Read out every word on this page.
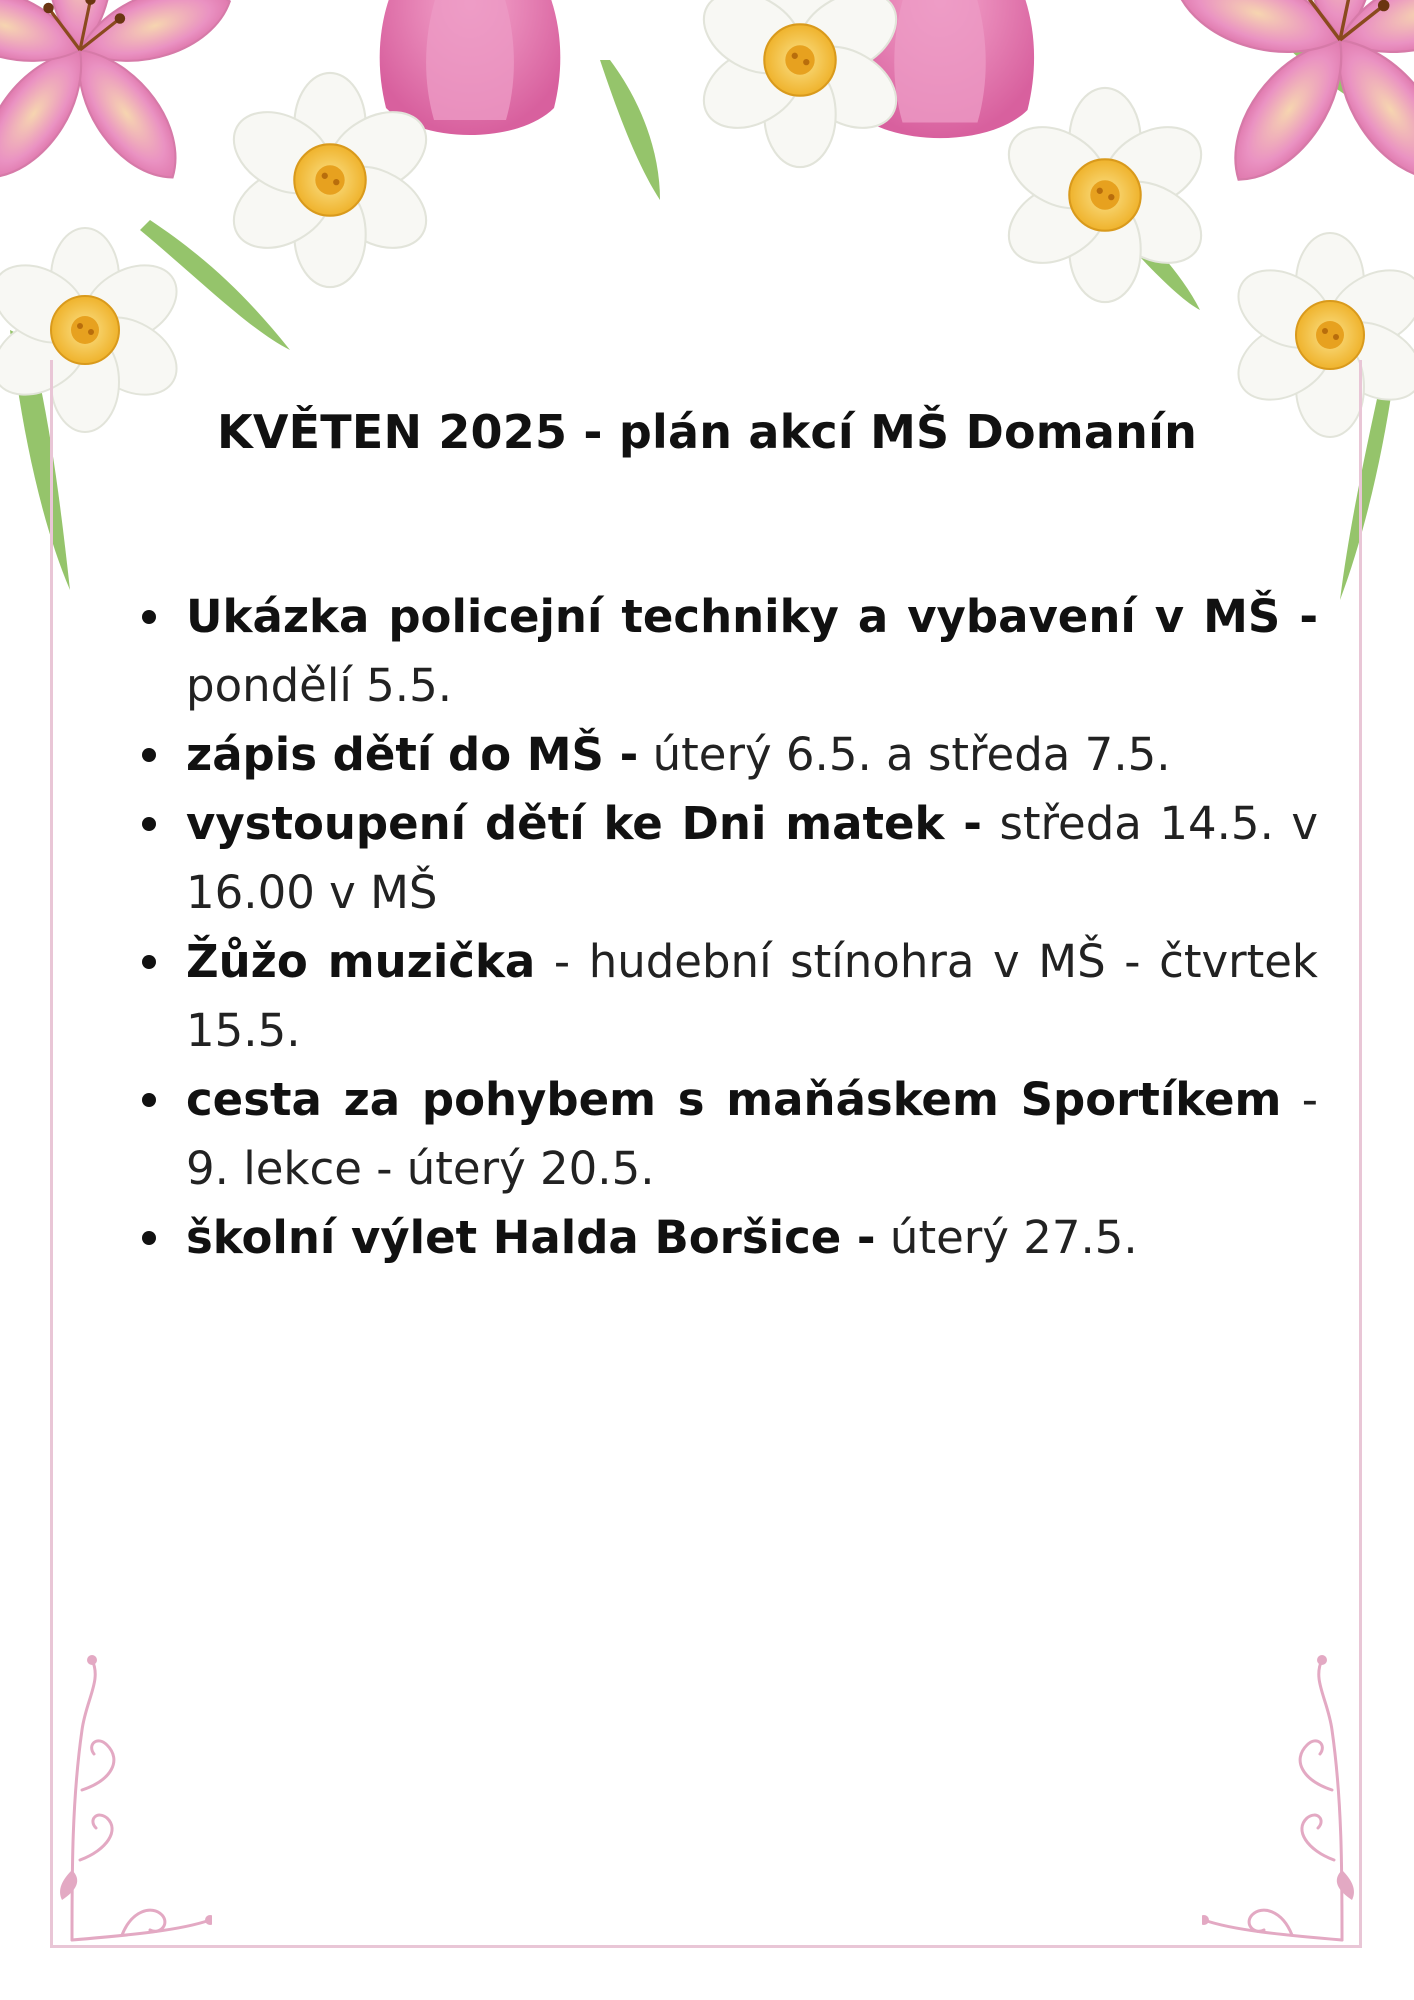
KVĚTEN 2025 - plán akcí MŠ Domanín
Ukázka policejní techniky a vybavení v MŠ - pondělí 5.5.
zápis dětí do MŠ - úterý 6.5. a středa 7.5.
vystoupení dětí ke Dni matek - středa 14.5. v 16.00 v MŠ
Žůžo muzička - hudební stínohra v MŠ - čtvrtek 15.5.
cesta za pohybem s maňáskem Sportíkem - 9. lekce - úterý 20.5.
školní výlet Halda Boršice - úterý 27.5.
